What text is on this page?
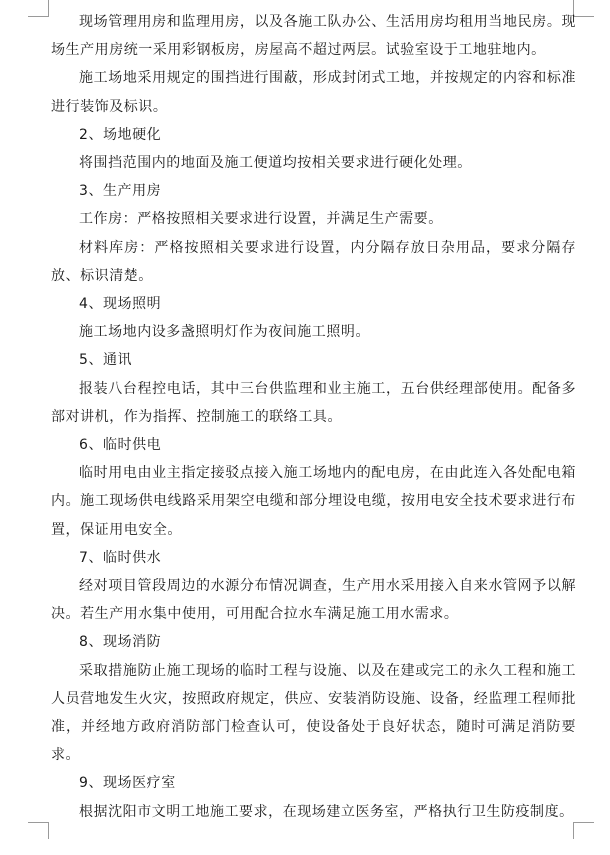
现场管理用房和监理用房，以及各施工队办公、生活用房均租用当地民房。现场生产用房统一采用彩钢板房，房屋高不超过两层。试验室设于工地驻地内。

施工场地采用规定的围挡进行围蔽，形成封闭式工地，并按规定的内容和标准进行装饰及标识。

2、场地硬化

将围挡范围内的地面及施工便道均按相关要求进行硬化处理。

3、生产用房

工作房：严格按照相关要求进行设置，并满足生产需要。

材料库房：严格按照相关要求进行设置，内分隔存放日杂用品，要求分隔存放、标识清楚。

4、现场照明

施工场地内设多盏照明灯作为夜间施工照明。

5、通讯

报装八台程控电话，其中三台供监理和业主施工，五台供经理部使用。配备多部对讲机，作为指挥、控制施工的联络工具。

6、临时供电

临时用电由业主指定接驳点接入施工场地内的配电房，在由此连入各处配电箱内。施工现场供电线路采用架空电缆和部分埋设电缆，按用电安全技术要求进行布置，保证用电安全。

7、临时供水

经对项目管段周边的水源分布情况调查，生产用水采用接入自来水管网予以解决。若生产用水集中使用，可用配合拉水车满足施工用水需求。

8、现场消防

采取措施防止施工现场的临时工程与设施、以及在建或完工的永久工程和施工人员营地发生火灾，按照政府规定，供应、安装消防设施、设备，经监理工程师批准，并经地方政府消防部门检查认可，使设备处于良好状态，随时可满足消防要求。

9、现场医疗室

根据沈阳市文明工地施工要求，在现场建立医务室，严格执行卫生防疫制度。
